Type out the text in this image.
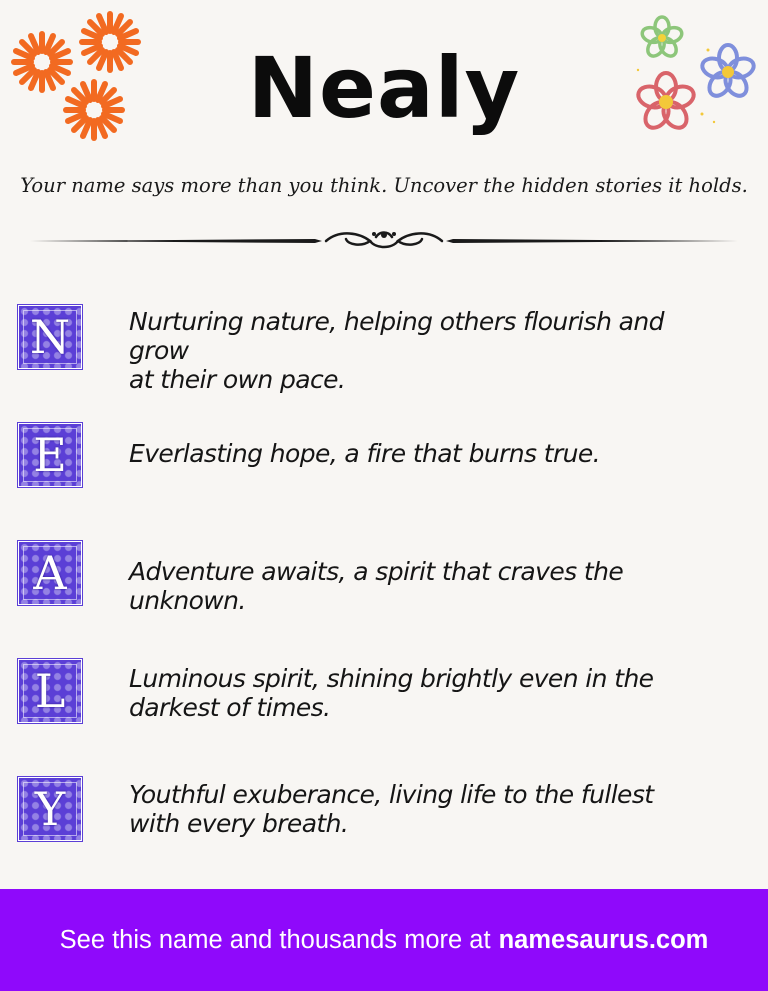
Nealy
Your name says more than you think. Uncover the hidden stories it holds.
N Nurturing nature, helping others flourish and grow
at their own pace.
E Everlasting hope, a fire that burns true.
A Adventure awaits, a spirit that craves the unknown.
L	Luminous spirit, shining brightly even in the
darkest of times.
Y	Youthful exuberance, living life to the fullest
with every breath.
See this name and thousands more at namesaurus.com
